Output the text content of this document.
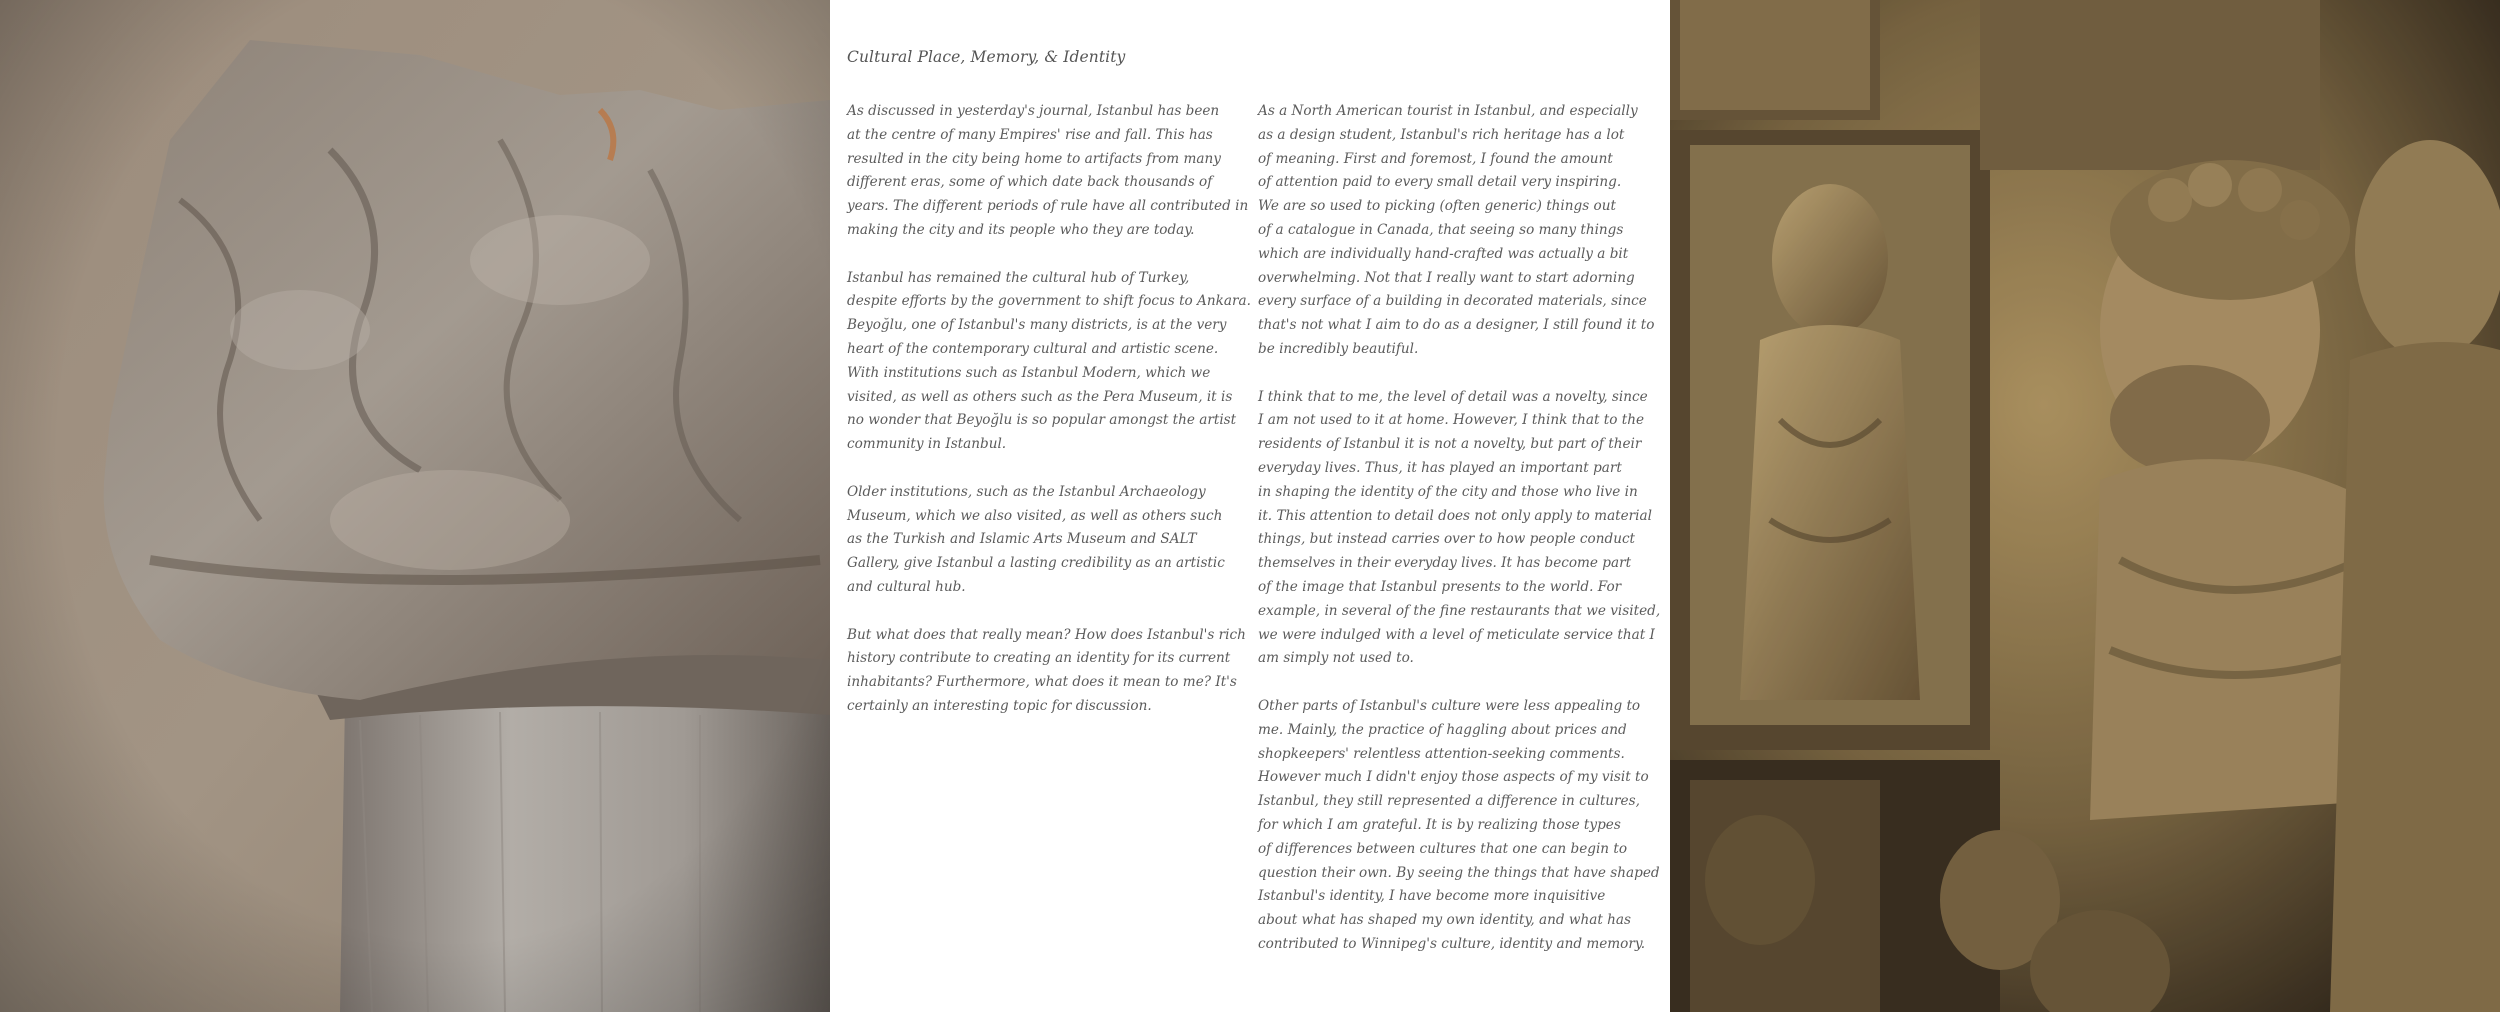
Cultural Place, Memory, & Identity

As discussed in yesterday's journal, Istanbul has been
at the centre of many Empires' rise and fall. This has
resulted in the city being home to artifacts from many
different eras, some of which date back thousands of
years. The different periods of rule have all contributed in
making the city and its people who they are today.

Istanbul has remained the cultural hub of Turkey,
despite efforts by the government to shift focus to Ankara.
Beyoğlu, one of Istanbul's many districts, is at the very
heart of the contemporary cultural and artistic scene.
With institutions such as Istanbul Modern, which we
visited, as well as others such as the Pera Museum, it is
no wonder that Beyoğlu is so popular amongst the artist
community in Istanbul.

Older institutions, such as the Istanbul Archaeology
Museum, which we also visited, as well as others such
as the Turkish and Islamic Arts Museum and SALT
Gallery, give Istanbul a lasting credibility as an artistic
and cultural hub.

But what does that really mean? How does Istanbul's rich
history contribute to creating an identity for its current
inhabitants? Furthermore, what does it mean to me? It's
certainly an interesting topic for discussion.

As a North American tourist in Istanbul, and especially
as a design student, Istanbul's rich heritage has a lot
of meaning. First and foremost, I found the amount
of attention paid to every small detail very inspiring.
We are so used to picking (often generic) things out
of a catalogue in Canada, that seeing so many things
which are individually hand-crafted was actually a bit
overwhelming. Not that I really want to start adorning
every surface of a building in decorated materials, since
that's not what I aim to do as a designer, I still found it to
be incredibly beautiful.

I think that to me, the level of detail was a novelty, since
I am not used to it at home. However, I think that to the
residents of Istanbul it is not a novelty, but part of their
everyday lives. Thus, it has played an important part
in shaping the identity of the city and those who live in
it. This attention to detail does not only apply to material
things, but instead carries over to how people conduct
themselves in their everyday lives. It has become part
of the image that Istanbul presents to the world. For
example, in several of the fine restaurants that we visited,
we were indulged with a level of meticulate service that I
am simply not used to.

Other parts of Istanbul's culture were less appealing to
me. Mainly, the practice of haggling about prices and
shopkeepers' relentless attention-seeking comments.
However much I didn't enjoy those aspects of my visit to
Istanbul, they still represented a difference in cultures,
for which I am grateful. It is by realizing those types
of differences between cultures that one can begin to
question their own. By seeing the things that have shaped
Istanbul's identity, I have become more inquisitive
about what has shaped my own identity, and what has
contributed to Winnipeg's culture, identity and memory.
